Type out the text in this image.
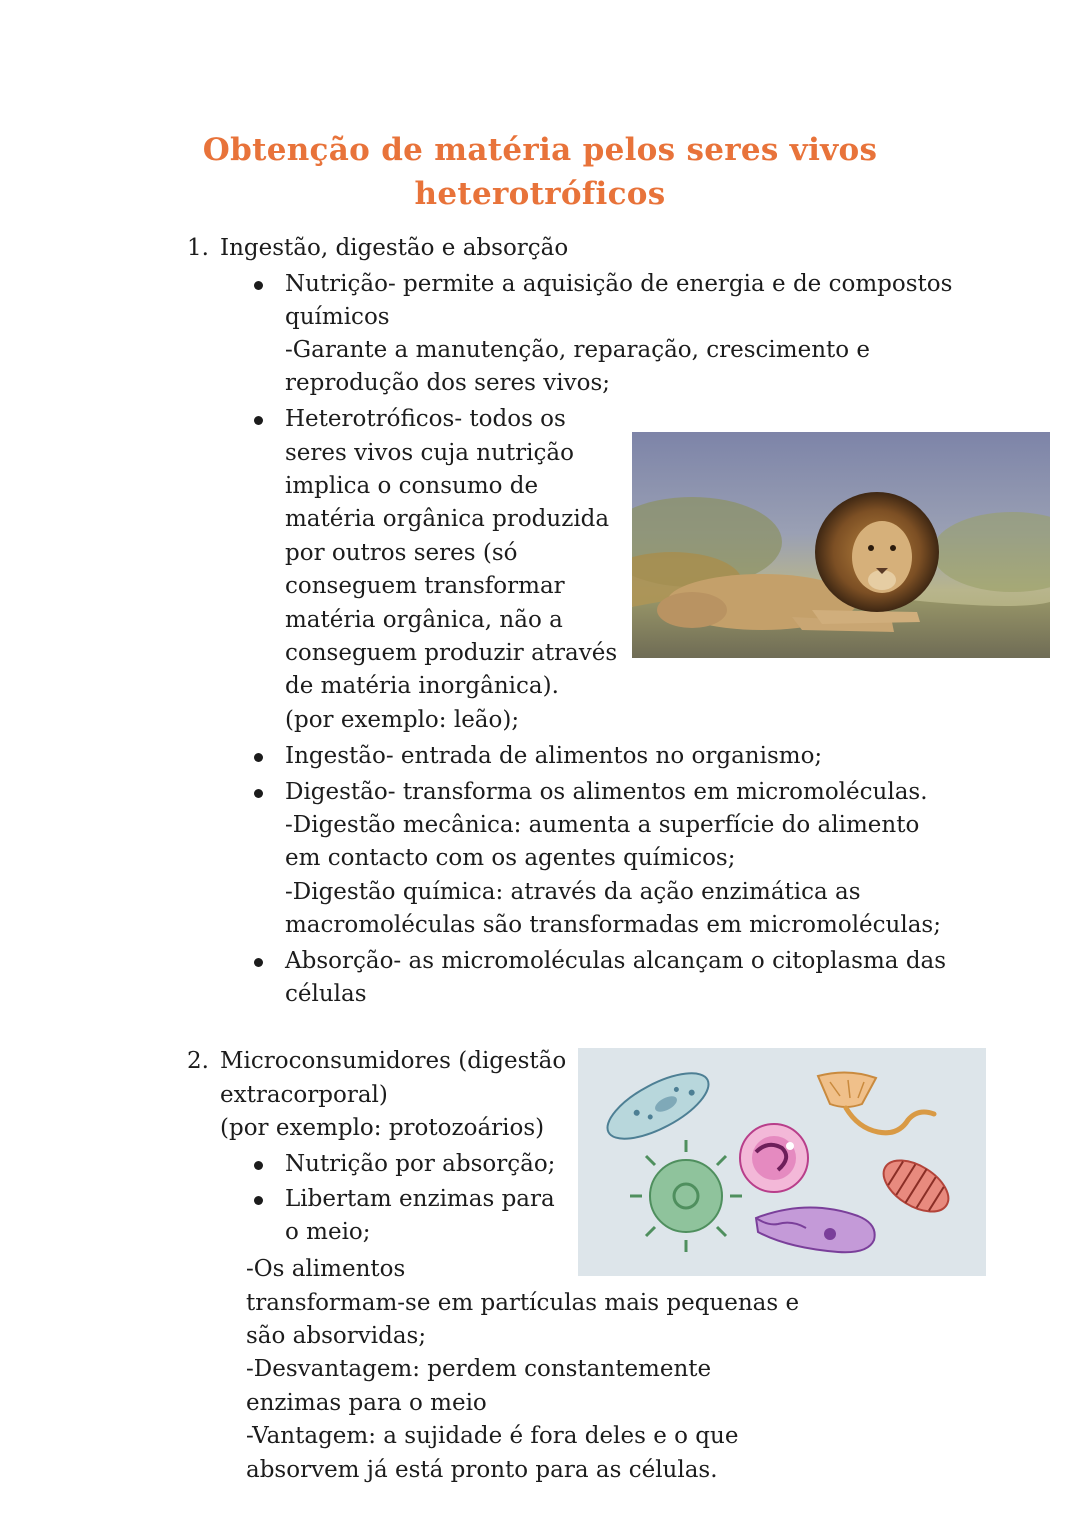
Obtenção de matéria pelos seres vivos
heterotróficos
1. Ingestão, digestão e absorção

Nutrição- permite a aquisição de energia e de compostos

químicos

-Garante a manutenção, reparação, crescimento e

reprodução dos seres vivos;

Heterotróficos- todos os

seres vivos cuja nutrição

implica o consumo de

matéria orgânica produzida

por outros seres (só

conseguem transformar

matéria orgânica, não a

conseguem produzir através

de matéria inorgânica).

(por exemplo: leão);

Ingestão- entrada de alimentos no organismo;

Digestão- transforma os alimentos em micromoléculas.

-Digestão mecânica: aumenta a superfície do alimento

em contacto com os agentes químicos;

-Digestão química: através da ação enzimática as

macromoléculas são transformadas em micromoléculas;

Absorção- as micromoléculas alcançam o citoplasma das

células

2. Microconsumidores (digestão

extracorporal)

(por exemplo: protozoários)

Nutrição por absorção;

Libertam enzimas para

o meio;

-Os alimentos

transformam-se em partículas mais pequenas e

são absorvidas;

-Desvantagem: perdem constantemente

enzimas para o meio

-Vantagem: a sujidade é fora deles e o que

absorvem já está pronto para as células.
